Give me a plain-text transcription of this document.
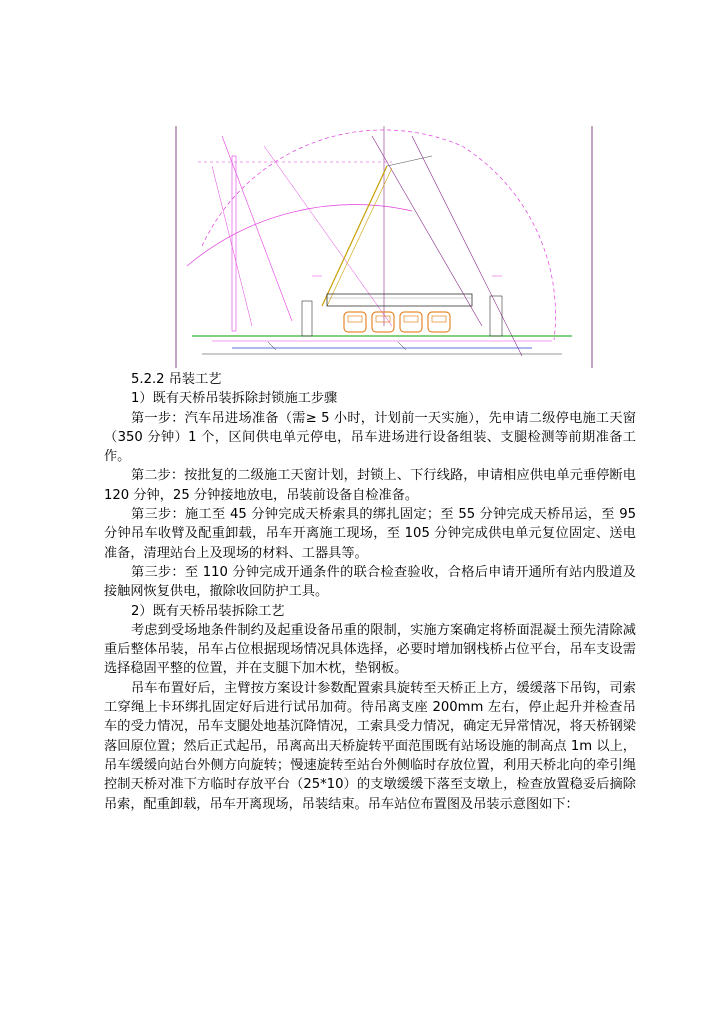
5.2.2 吊装工艺

1）既有天桥吊装拆除封锁施工步骤

第一步：汽车吊进场准备（需≥ 5 小时，计划前一天实施），先申请二级停电施工天窗（350 分钟）1 个，区间供电单元停电，吊车进场进行设备组装、支腿检测等前期准备工作。

第二步：按批复的二级施工天窗计划，封锁上、下行线路，申请相应供电单元垂停断电 120 分钟，25 分钟接地放电，吊装前设备自检准备。

第三步：施工至 45 分钟完成天桥索具的绑扎固定；至 55 分钟完成天桥吊运，至 95 分钟吊车收臂及配重卸载，吊车开离施工现场，至 105 分钟完成供电单元复位固定、送电准备，清理站台上及现场的材料、工器具等。

第三步：至 110 分钟完成开通条件的联合检查验收，合格后申请开通所有站内股道及接触网恢复供电，撤除收回防护工具。

2）既有天桥吊装拆除工艺

考虑到受场地条件制约及起重设备吊重的限制，实施方案确定将桥面混凝土预先清除减重后整体吊装，吊车占位根据现场情况具体选择，必要时增加钢栈桥占位平台，吊车支设需选择稳固平整的位置，并在支腿下加木枕，垫钢板。

吊车布置好后，主臂按方案设计参数配置索具旋转至天桥正上方，缓缓落下吊钩，司索工穿绳上卡环绑扎固定好后进行试吊加荷。待吊离支座 200mm 左右，停止起升并检查吊车的受力情况，吊车支腿处地基沉降情况，工索具受力情况，确定无异常情况，将天桥钢梁落回原位置；然后正式起吊，吊离高出天桥旋转平面范围既有站场设施的制高点 1m 以上，吊车缓缓向站台外侧方向旋转；慢速旋转至站台外侧临时存放位置，利用天桥北向的牵引绳控制天桥对准下方临时存放平台（25*10）的支墩缓缓下落至支墩上，检查放置稳妥后摘除吊索，配重卸载，吊车开离现场，吊装结束。吊车站位布置图及吊装示意图如下：
